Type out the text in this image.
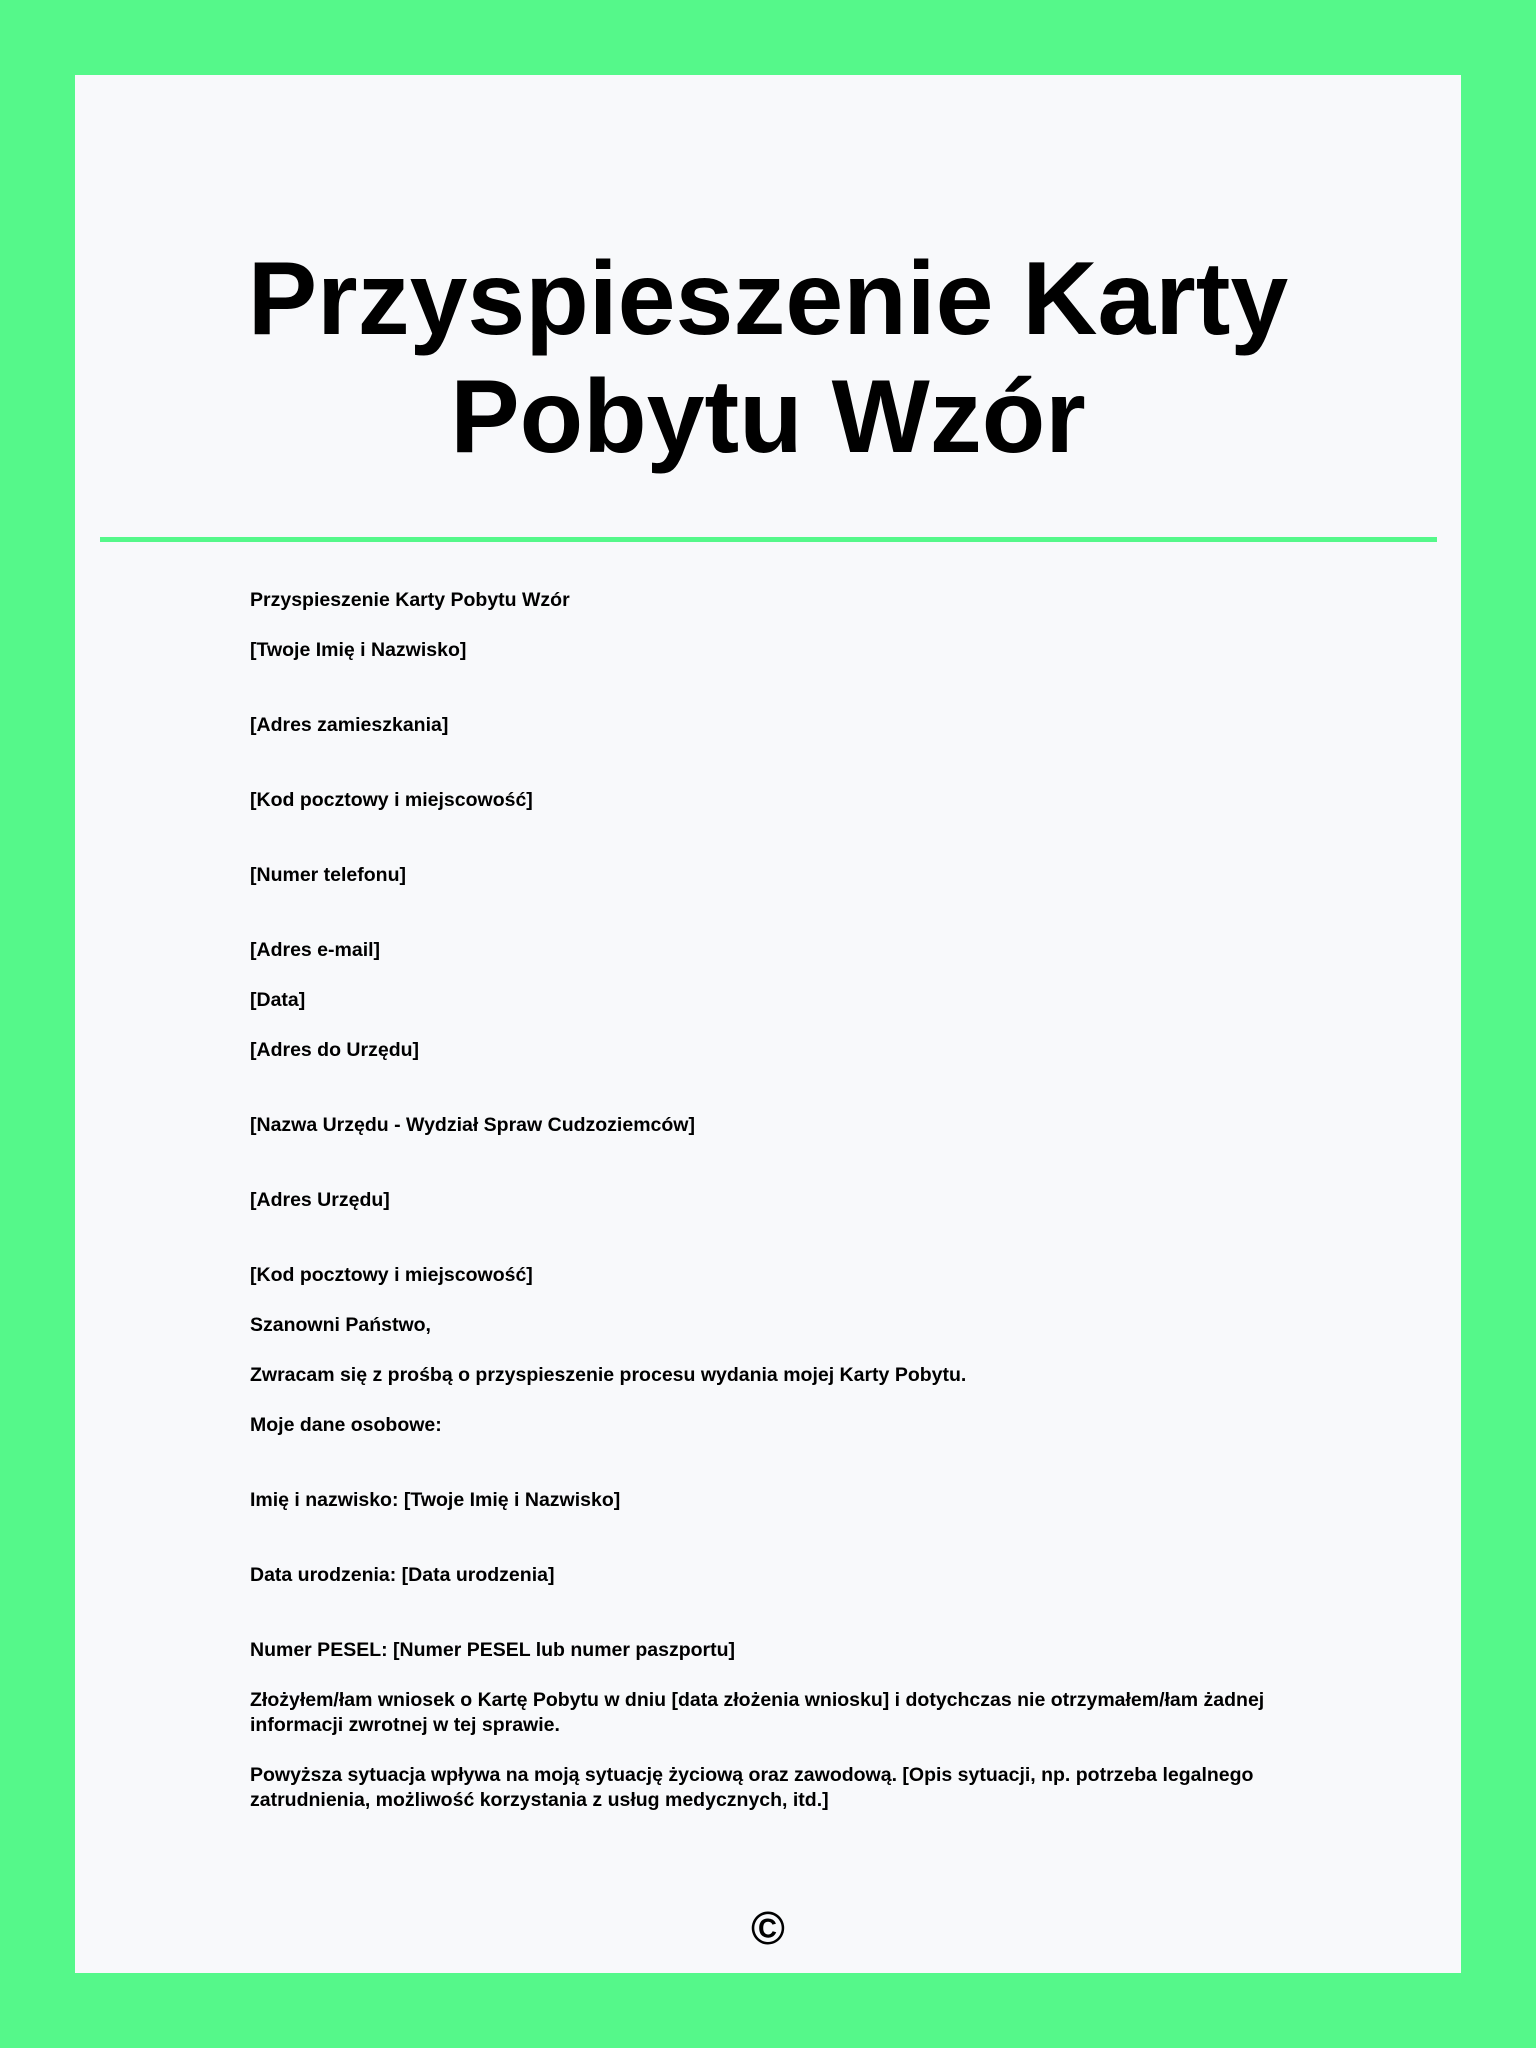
Przyspieszenie Karty Pobytu Wzór

Przyspieszenie Karty Pobytu Wzór

[Twoje Imię i Nazwisko]

[Adres zamieszkania]

[Kod pocztowy i miejscowość]

[Numer telefonu]

[Adres e-mail]

[Data]

[Adres do Urzędu]

[Nazwa Urzędu - Wydział Spraw Cudzoziemców]

[Adres Urzędu]

[Kod pocztowy i miejscowość]

Szanowni Państwo,

Zwracam się z prośbą o przyspieszenie procesu wydania mojej Karty Pobytu.

Moje dane osobowe:

Imię i nazwisko: [Twoje Imię i Nazwisko]

Data urodzenia: [Data urodzenia]

Numer PESEL: [Numer PESEL lub numer paszportu]

Złożyłem/łam wniosek o Kartę Pobytu w dniu [data złożenia wniosku] i dotychczas nie otrzymałem/łam żadnej informacji zwrotnej w tej sprawie.

Powyższa sytuacja wpływa na moją sytuację życiową oraz zawodową. [Opis sytuacji, np. potrzeba legalnego zatrudnienia, możliwość korzystania z usług medycznych, itd.]

©
